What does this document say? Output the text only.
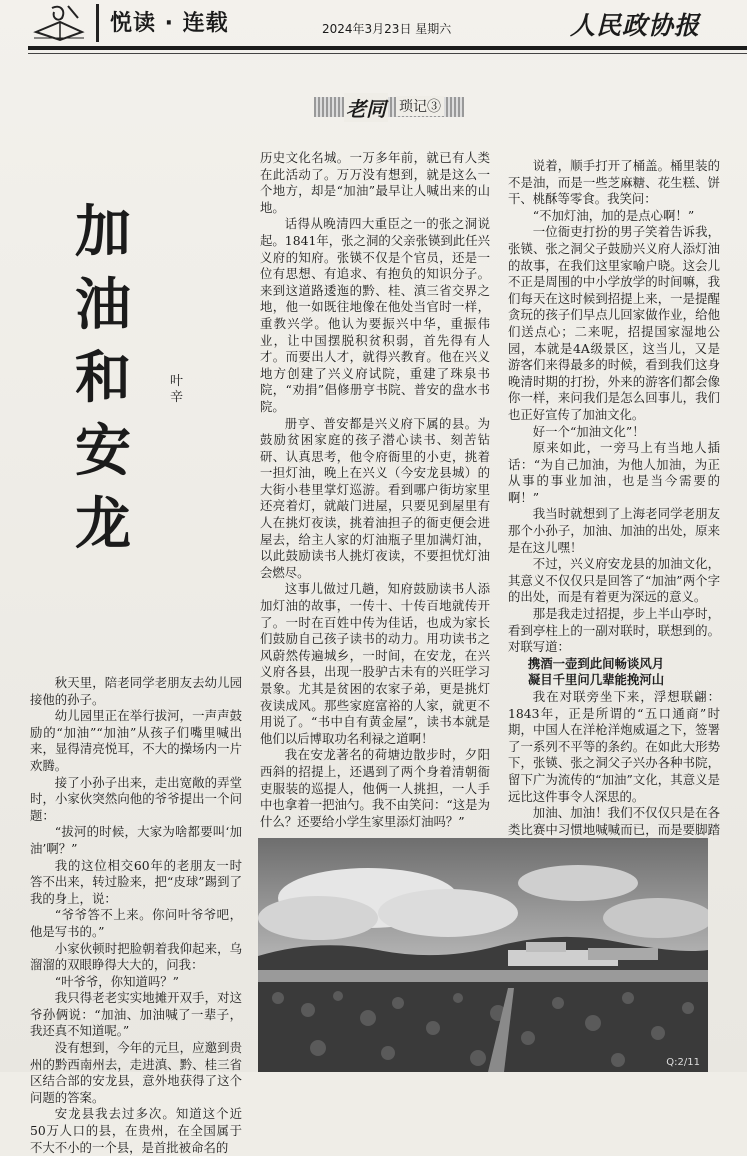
悦读 · 连载	2024年3月23日 星期六	人民政协报
老同 琐记③
加
油
和
安
龙
叶
辛

秋天里，陪老同学老朋友去幼儿园接他的孙子。

幼儿园里正在举行拔河，一声声鼓励的“加油”“加油”从孩子们嘴里喊出来，显得清亮悦耳，不大的操场内一片欢腾。

接了小孙子出来，走出宽敞的弄堂时，小家伙突然向他的爷爷提出一个问题：

“拔河的时候，大家为啥都要叫‘加油’啊？”

我的这位相交60年的老朋友一时答不出来，转过脸来，把“皮球”踢到了我的身上，说：

“爷爷答不上来。你问叶爷爷吧，他是写书的。”

小家伙顿时把脸朝着我仰起来，乌溜溜的双眼睁得大大的，问我：

“叶爷爷，你知道吗？”

我只得老老实实地摊开双手，对这爷孙俩说：“加油、加油喊了一辈子，我还真不知道呢。”

没有想到，今年的元旦，应邀到贵州的黔西南州去，走进滇、黔、桂三省区结合部的安龙县，意外地获得了这个问题的答案。

安龙县我去过多次。知道这个近50万人口的县，在贵州，在全国属于不大不小的一个县，是首批被命名的

历史文化名城。一万多年前，就已有人类在此活动了。万万没有想到，就是这么一个地方，却是“加油”最早让人喊出来的山地。

话得从晚清四大重臣之一的张之洞说起。1841年，张之洞的父亲张锳到此任兴义府的知府。张锳不仅是个官员，还是一位有思想、有追求、有抱负的知识分子。来到这道路逶迤的黔、桂、滇三省交界之地，他一如既往地像在他处当官时一样，重教兴学。他认为要振兴中华，重振伟业，让中国摆脱积贫积弱，首先得有人才。而要出人才，就得兴教育。他在兴义地方创建了兴义府试院，重建了珠泉书院，“劝捐”倡修册亨书院、普安的盘水书院。

册亨、普安都是兴义府下属的县。为鼓励贫困家庭的孩子潜心读书、刻苦钻研、认真思考，他令府衙里的小吏，挑着一担灯油，晚上在兴义（今安龙县城）的大街小巷里掌灯巡游。看到哪户街坊家里还亮着灯，就敲门进屋，只要见到屋里有人在挑灯夜读，挑着油担子的衙吏便会进屋去，给主人家的灯油瓶子里加满灯油，以此鼓励读书人挑灯夜读，不要担忧灯油会燃尽。

这事儿做过几趟，知府鼓励读书人添加灯油的故事，一传十、十传百地就传开了。一时在百姓中传为佳话，也成为家长们鼓励自己孩子读书的动力。用功读书之风蔚然传遍城乡，一时间，在安龙，在兴义府各县，出现一股驴古未有的兴旺学习景象。尤其是贫困的农家子弟，更是挑灯夜读成风。那些家庭富裕的人家，就更不用说了。“书中自有黄金屋”，读书本就是他们以后博取功名利禄之道啊！

我在安龙著名的荷塘边散步时，夕阳西斜的招提上，还遇到了两个身着清朝衙吏服装的巡提人，他俩一人挑担，一人手中也拿着一把油勺。我不由笑问：“这是为什么？还要给小学生家里添灯油吗？”

说着，顺手打开了桶盖。桶里装的不是油，而是一些芝麻糖、花生糕、饼干、桃酥等零食。我笑问：

“不加灯油，加的是点心啊！”

一位衙吏打扮的男子笑着告诉我，张锳、张之洞父子鼓励兴义府人添灯油的故事，在我们这里家喻户晓。这会儿不正是周围的中小学放学的时间嘛，我们每天在这时候到招提上来，一是提醒贪玩的孩子们早点儿回家做作业，给他们送点心；二来呢，招提国家湿地公园，本就是4A级景区，这当儿，又是游客们来得最多的时候，看到我们这身晚清时期的打扮，外来的游客们都会像你一样，来问我们是怎么回事儿，我们也正好宣传了加油文化。

好一个“加油文化”！

原来如此，一旁马上有当地人插话：“为自己加油，为他人加油，为正从事的事业加油，也是当今需要的啊！”

我当时就想到了上海老同学老朋友那个小孙子，加油、加油的出处，原来是在这儿嘿！

不过，兴义府安龙县的加油文化，其意义不仅仅只是回答了“加油”两个字的出处，而是有着更为深远的意义。

那是我走过招提，步上半山亭时，看到亭柱上的一副对联时，联想到的。对联写道：

携酒一壶到此间畅谈风月

凝目千里问几辈能挽河山

我在对联旁坐下来，浮想联翩：1843年，正是所谓的“五口通商”时期，中国人在洋枪洋炮威逼之下，签署了一系列不平等的条约。在如此大形势下，张锳、张之洞父子兴办各种书院，留下广为流传的“加油”文化，其意义是远比这件事令人深思的。

加油、加油！我们不仅仅只是在各类比赛中习惯地喊喊而已，而是要脚踏

Q:2/11
